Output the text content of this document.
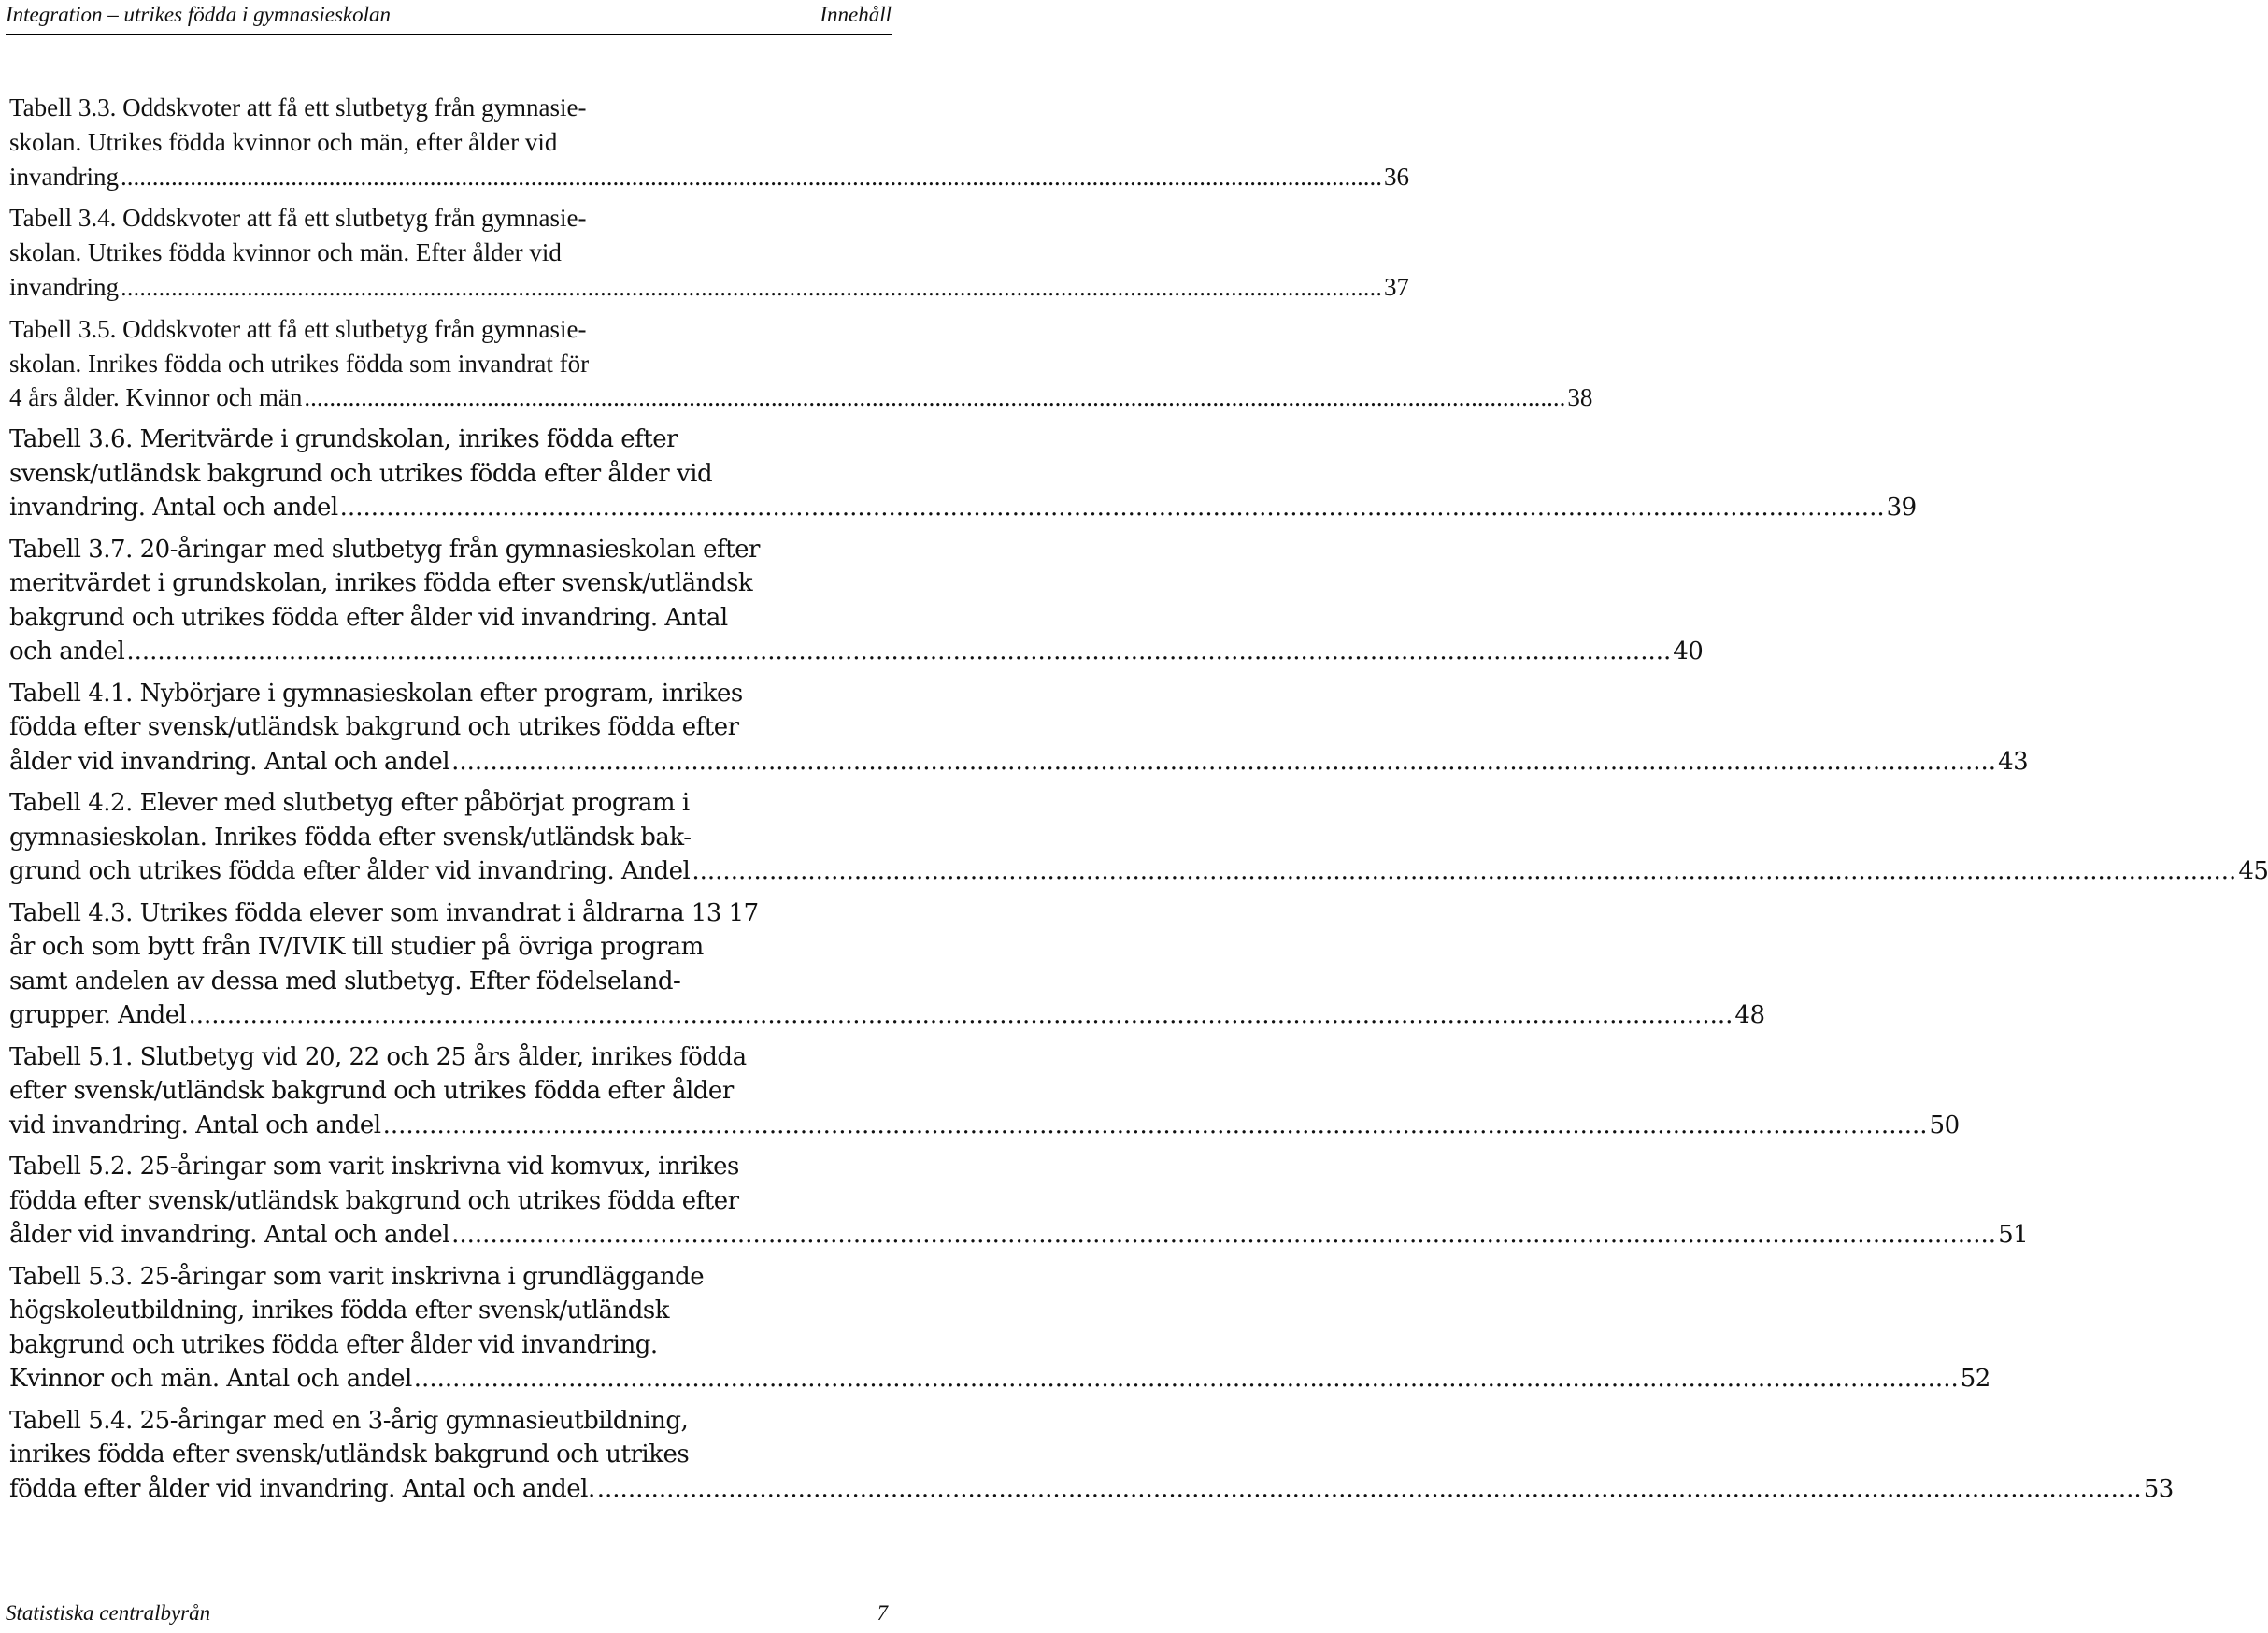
Integration – utrikes födda i gymnasieskolan	Innehåll
Tabell 3.3. Oddskvoter att få ett slutbetyg från gymnasie-
skolan. Utrikes födda kvinnor och män, efter ålder vid
invandring ........................................................................................................................................................................................................ 36
Tabell 3.4. Oddskvoter att få ett slutbetyg från gymnasie-
skolan. Utrikes födda kvinnor och män. Efter ålder vid
invandring ........................................................................................................................................................................................................ 37
Tabell 3.5. Oddskvoter att få ett slutbetyg från gymnasie-
skolan. Inrikes födda och utrikes födda som invandrat för
4 års ålder. Kvinnor och män ........................................................................................................................................................................................................ 38
Tabell 3.6. Meritvärde i grundskolan, inrikes födda efter
svensk/utländsk bakgrund och utrikes födda efter ålder vid
invandring. Antal och andel ........................................................................................................................................................................................................ 39
Tabell 3.7. 20-åringar med slutbetyg från gymnasieskolan efter
meritvärdet i grundskolan, inrikes födda efter svensk/utländsk
bakgrund och utrikes födda efter ålder vid invandring. Antal
och andel ........................................................................................................................................................................................................ 40
Tabell 4.1. Nybörjare i gymnasieskolan efter program, inrikes
födda efter svensk/utländsk bakgrund och utrikes födda efter
ålder vid invandring. Antal och andel ........................................................................................................................................................................................................ 43
Tabell 4.2. Elever med slutbetyg efter påbörjat program i
gymnasieskolan. Inrikes födda efter svensk/utländsk bak-
grund och utrikes födda efter ålder vid invandring. Andel ........................................................................................................................................................................................................ 45
Tabell 4.3. Utrikes födda elever som invandrat i åldrarna 13 17
år och som bytt från IV/IVIK till studier på övriga program
samt andelen av dessa med slutbetyg. Efter födelseland-
grupper. Andel ........................................................................................................................................................................................................ 48
Tabell 5.1. Slutbetyg vid 20, 22 och 25 års ålder, inrikes födda
efter svensk/utländsk bakgrund och utrikes födda efter ålder
vid invandring. Antal och andel ........................................................................................................................................................................................................ 50
Tabell 5.2. 25-åringar som varit inskrivna vid komvux, inrikes
födda efter svensk/utländsk bakgrund och utrikes födda efter
ålder vid invandring. Antal och andel ........................................................................................................................................................................................................ 51
Tabell 5.3. 25-åringar som varit inskrivna i grundläggande
högskoleutbildning, inrikes födda efter svensk/utländsk
bakgrund och utrikes födda efter ålder vid invandring.
Kvinnor och män. Antal och andel ........................................................................................................................................................................................................ 52
Tabell 5.4. 25-åringar med en 3-årig gymnasieutbildning,
inrikes födda efter svensk/utländsk bakgrund och utrikes
födda efter ålder vid invandring. Antal och andel. ........................................................................................................................................................................................................ 53
Statistiska centralbyrån	7
